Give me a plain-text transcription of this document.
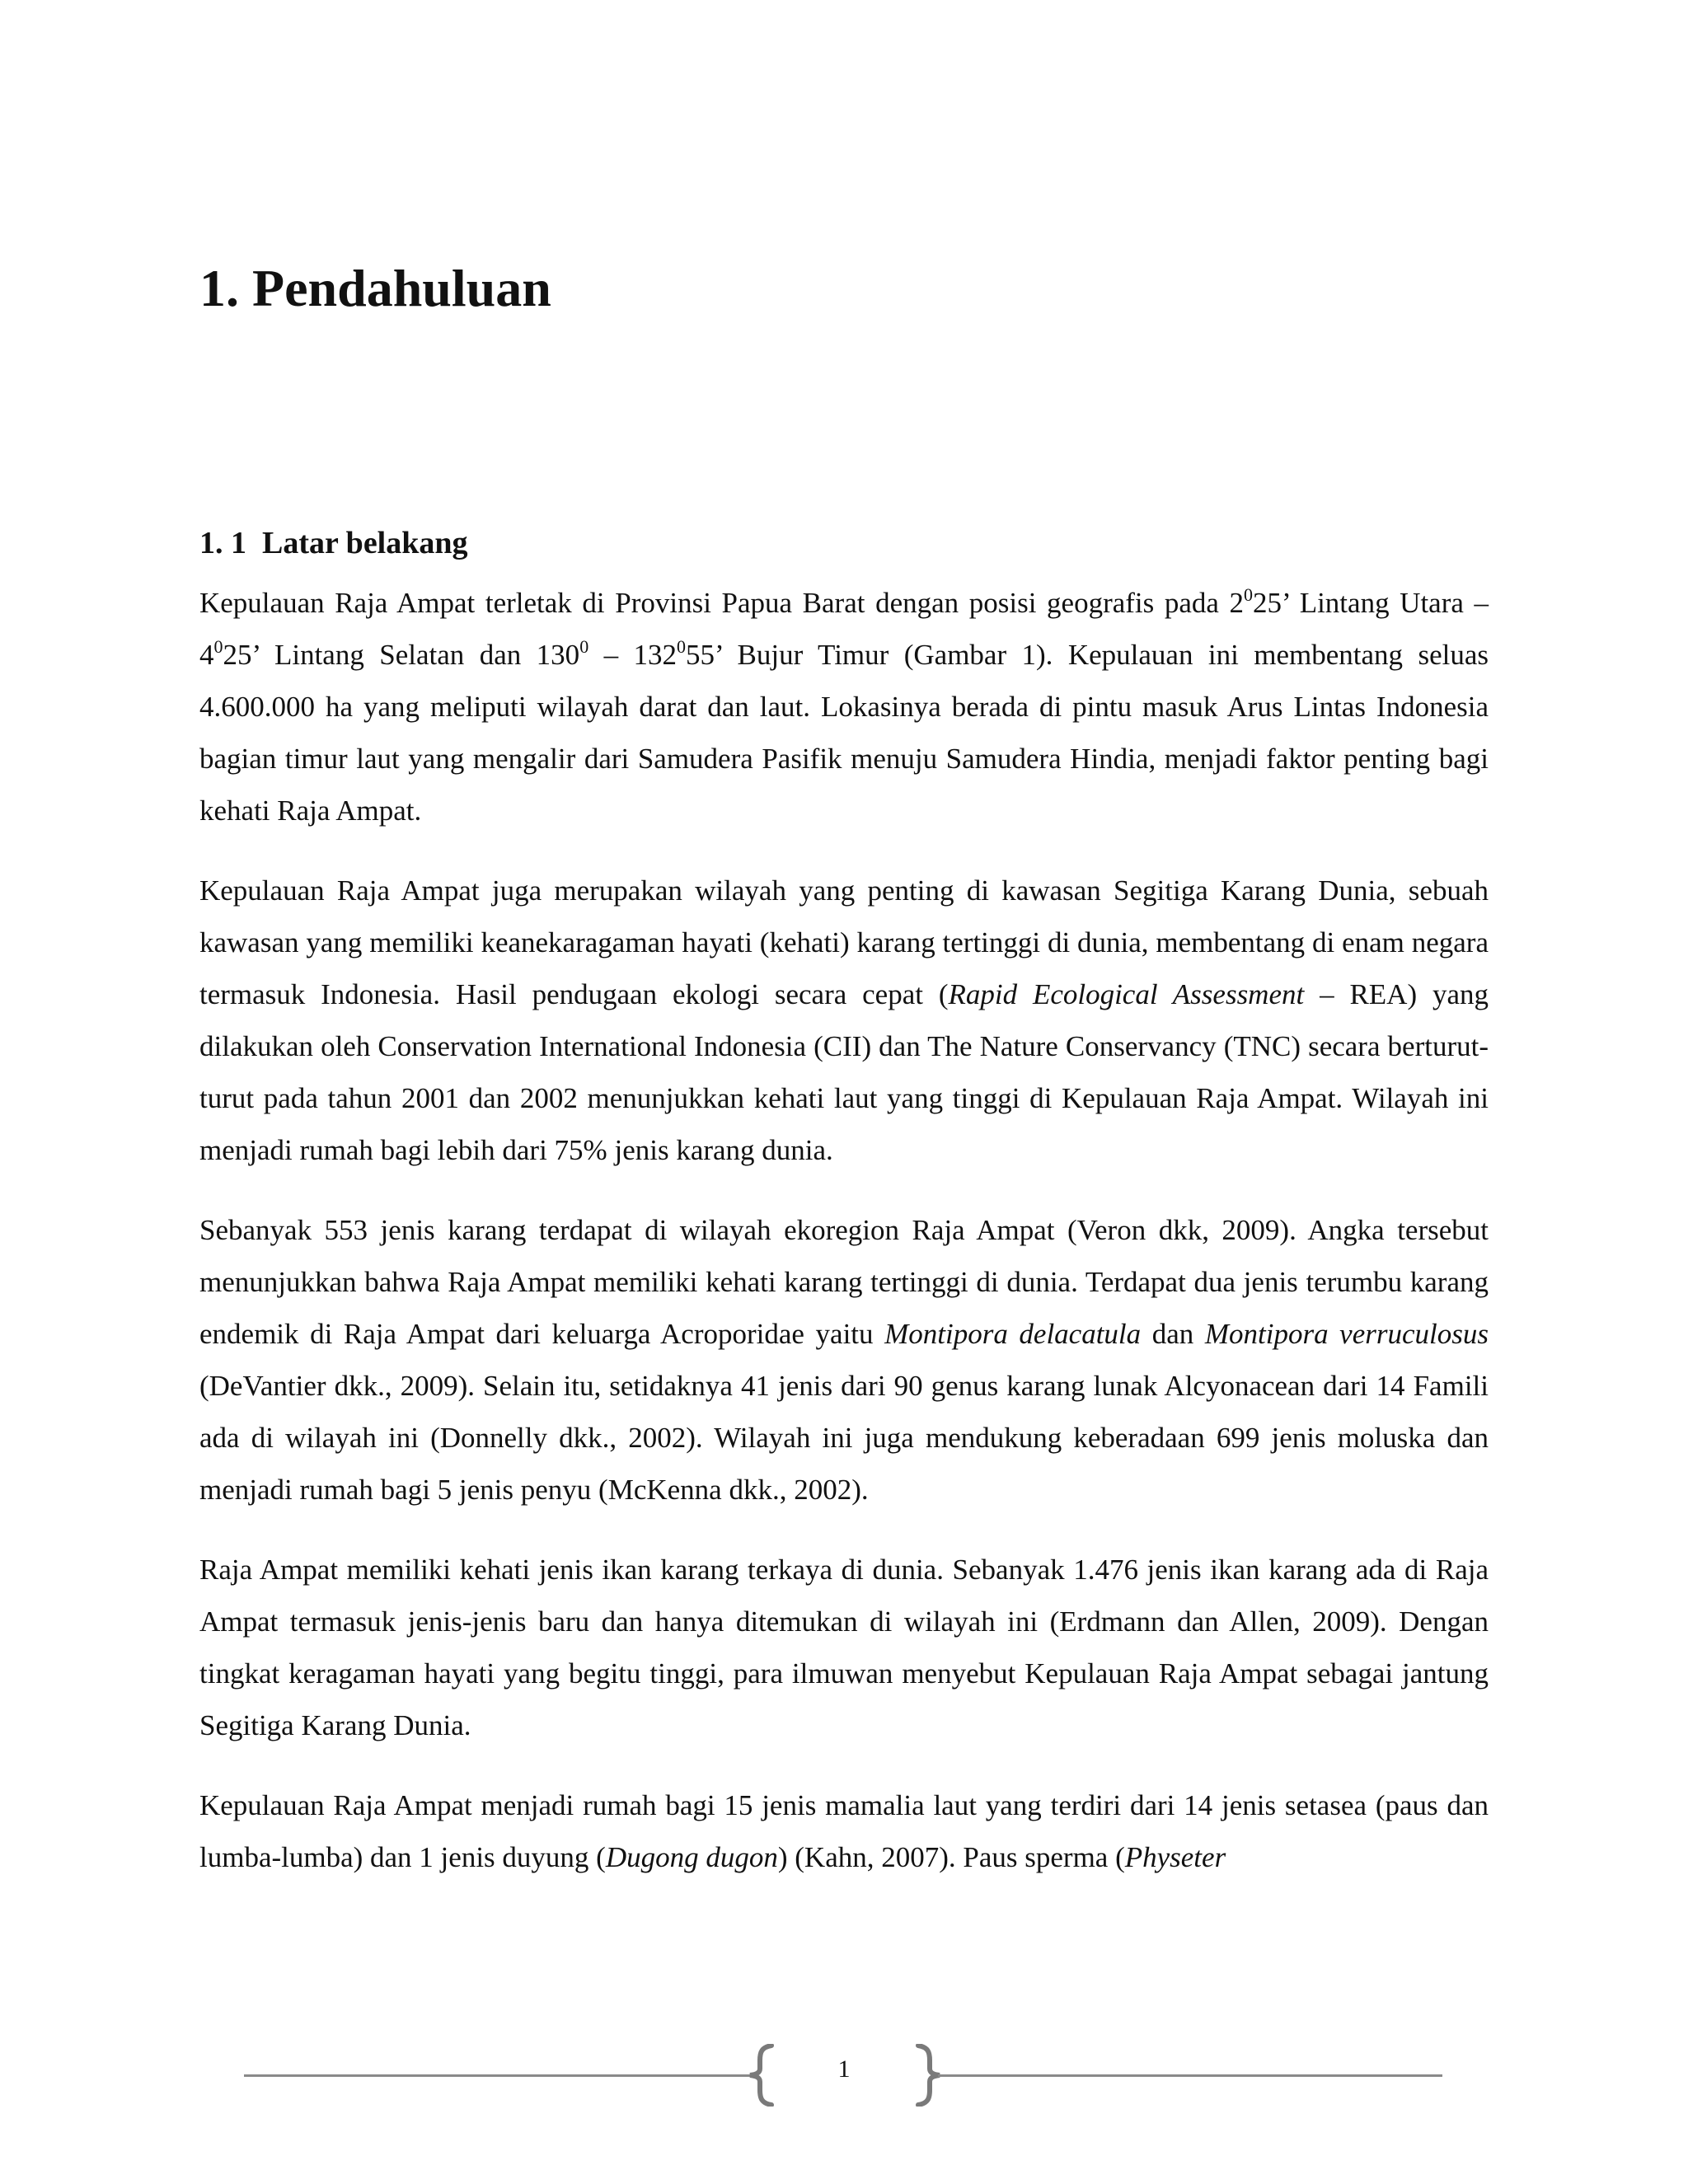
1. Pendahuluan
1. 1  Latar belakang

Kepulauan Raja Ampat terletak di Provinsi Papua Barat dengan posisi geografis pada $2^025$’ Lintang Utara – $4^025$’ Lintang Selatan dan $130^0 - 132^055$’ Bujur Timur (Gambar 1). Kepulauan ini membentang seluas 4.600.000 ha yang meliputi wilayah darat dan laut. Lokasinya berada di pintu masuk Arus Lintas Indonesia bagian timur laut yang mengalir dari Samudera Pasifik menuju Samudera Hindia, menjadi faktor penting bagi kehati Raja Ampat.

Kepulauan Raja Ampat juga merupakan wilayah yang penting di kawasan Segitiga Karang Dunia, sebuah kawasan yang memiliki keanekaragaman hayati (kehati) karang tertinggi di dunia, membentang di enam negara termasuk Indonesia. Hasil pendugaan ekologi secara cepat (Rapid Ecological Assessment – REA) yang dilakukan oleh Conservation International Indonesia (CII) dan The Nature Conservancy (TNC) secara berturut-turut pada tahun 2001 dan 2002 menunjukkan kehati laut yang tinggi di Kepulauan Raja Ampat. Wilayah ini menjadi rumah bagi lebih dari 75% jenis karang dunia.

Sebanyak 553 jenis karang terdapat di wilayah ekoregion Raja Ampat (Veron dkk, 2009). Angka tersebut menunjukkan bahwa Raja Ampat memiliki kehati karang tertinggi di dunia. Terdapat dua jenis terumbu karang endemik di Raja Ampat dari keluarga Acroporidae yaitu Montipora delacatula dan Montipora verruculosus (DeVantier dkk., 2009). Selain itu, setidaknya 41 jenis dari 90 genus karang lunak Alcyonacean dari 14 Famili ada di wilayah ini (Donnelly dkk., 2002). Wilayah ini juga mendukung keberadaan 699 jenis moluska dan menjadi rumah bagi 5 jenis penyu (McKenna dkk., 2002).

Raja Ampat memiliki kehati jenis ikan karang terkaya di dunia. Sebanyak 1.476 jenis ikan karang ada di Raja Ampat termasuk jenis-jenis baru dan hanya ditemukan di wilayah ini (Erdmann dan Allen, 2009). Dengan tingkat keragaman hayati yang begitu tinggi, para ilmuwan menyebut Kepulauan Raja Ampat sebagai jantung Segitiga Karang Dunia.

Kepulauan Raja Ampat menjadi rumah bagi 15 jenis mamalia laut yang terdiri dari 14 jenis setasea (paus dan lumba-lumba) dan 1 jenis duyung (Dugong dugon) (Kahn, 2007). Paus sperma (Physeter

1
